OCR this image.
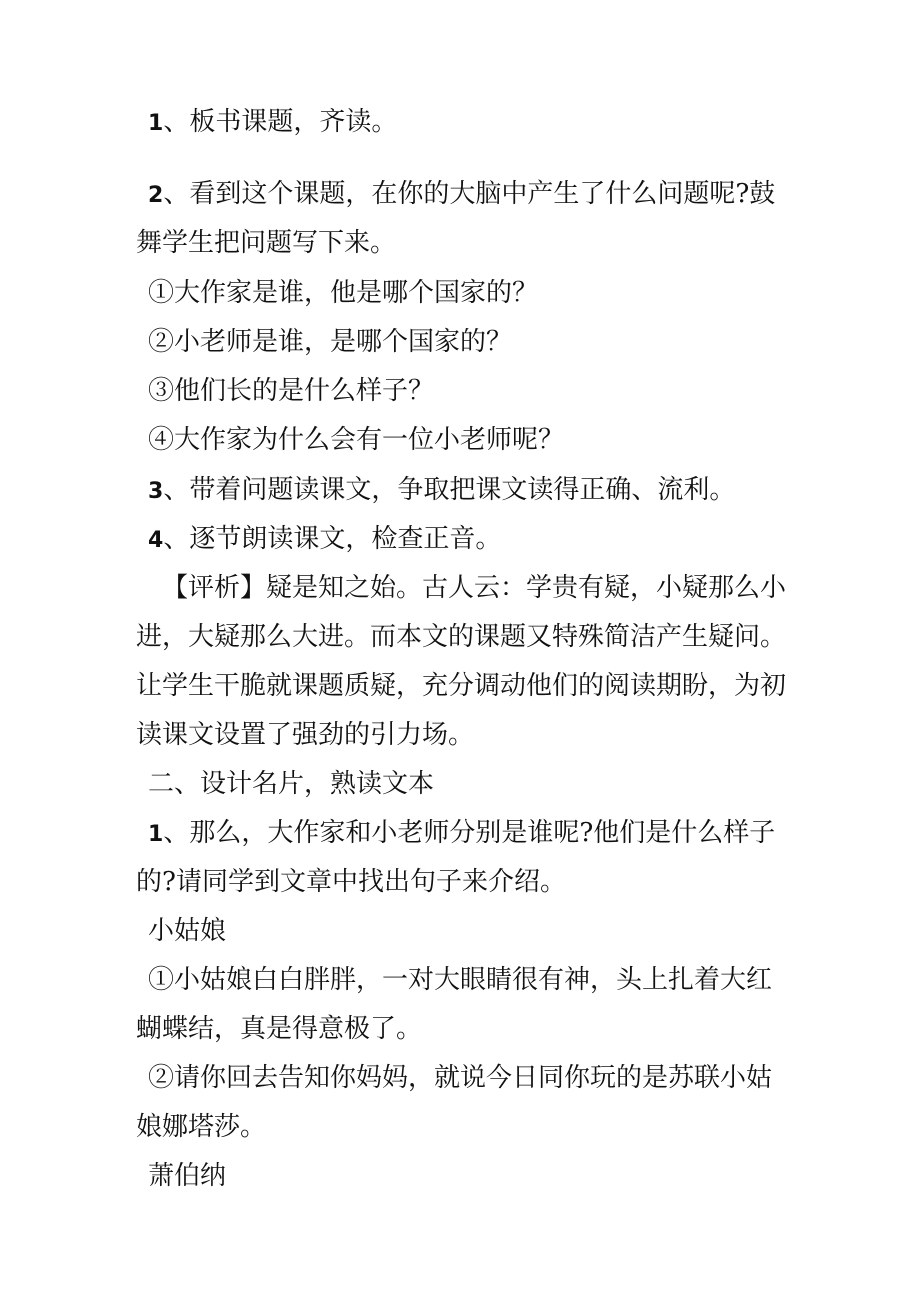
1、板书课题，齐读。
2、看到这个课题，在你的大脑中产生了什么问题呢?鼓
舞学生把问题写下来。
①大作家是谁，他是哪个国家的？
②小老师是谁，是哪个国家的？
③他们长的是什么样子？
④大作家为什么会有一位小老师呢？
3、带着问题读课文，争取把课文读得正确、流利。
4、逐节朗读课文，检查正音。
【评析】疑是知之始。古人云：学贵有疑，小疑那么小
进，大疑那么大进。而本文的课题又特殊简洁产生疑问。
让学生干脆就课题质疑，充分调动他们的阅读期盼，为初
读课文设置了强劲的引力场。
二、设计名片，熟读文本
1、那么，大作家和小老师分别是谁呢?他们是什么样子
的?请同学到文章中找出句子来介绍。
小姑娘
①小姑娘白白胖胖，一对大眼睛很有神，头上扎着大红
蝴蝶结，真是得意极了。
②请你回去告知你妈妈，就说今日同你玩的是苏联小姑
娘娜塔莎。
萧伯纳
